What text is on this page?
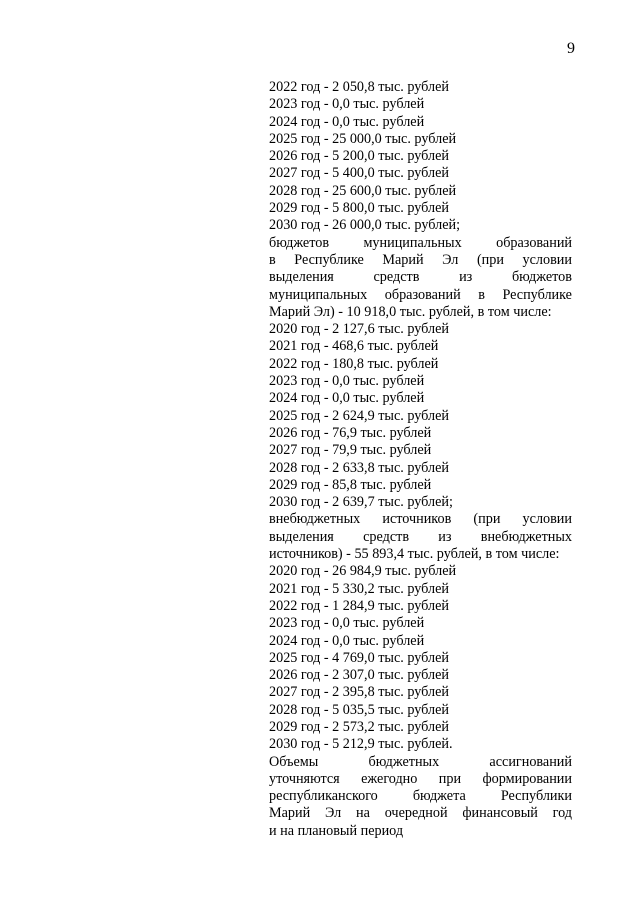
9
2022 год - 2 050,8 тыс. рублей
2023 год - 0,0 тыс. рублей
2024 год - 0,0 тыс. рублей
2025 год - 25 000,0 тыс. рублей
2026 год - 5 200,0 тыс. рублей
2027 год - 5 400,0 тыс. рублей
2028 год - 25 600,0 тыс. рублей
2029 год - 5 800,0 тыс. рублей
2030 год - 26 000,0 тыс. рублей;
бюджетов муниципальных образований
в Республике Марий Эл (при условии
выделения	средств	из	бюджетов
муниципальных образований в Республике
Марий Эл) - 10 918,0 тыс. рублей, в том числе:
2020 год - 2 127,6 тыс. рублей
2021 год - 468,6 тыс. рублей
2022 год - 180,8 тыс. рублей
2023 год - 0,0 тыс. рублей
2024 год - 0,0 тыс. рублей
2025 год - 2 624,9 тыс. рублей
2026 год - 76,9 тыс. рублей
2027 год - 79,9 тыс. рублей
2028 год - 2 633,8 тыс. рублей
2029 год - 85,8 тыс. рублей
2030 год - 2 639,7 тыс. рублей;
внебюджетных источников (при условии
выделения средств из внебюджетных
источников) - 55 893,4 тыс. рублей, в том числе:
2020 год - 26 984,9 тыс. рублей
2021 год - 5 330,2 тыс. рублей
2022 год - 1 284,9 тыс. рублей
2023 год - 0,0 тыс. рублей
2024 год - 0,0 тыс. рублей
2025 год - 4 769,0 тыс. рублей
2026 год - 2 307,0 тыс. рублей
2027 год - 2 395,8 тыс. рублей
2028 год - 5 035,5 тыс. рублей
2029 год - 2 573,2 тыс. рублей
2030 год - 5 212,9 тыс. рублей.
Объемы	бюджетных	ассигнований
уточняются ежегодно при формировании
республиканского бюджета Республики
Марий Эл на очередной финансовый год
и на плановый период
